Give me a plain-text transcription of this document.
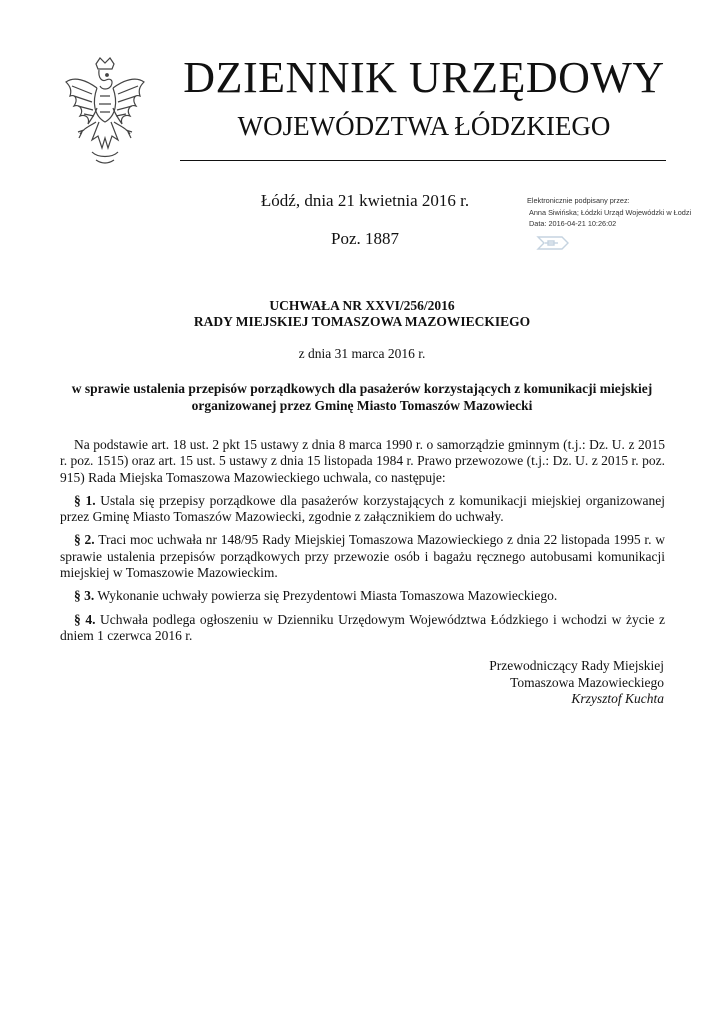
DZIENNIK URZĘDOWY
WOJEWÓDZTWA ŁÓDZKIEGO
Łódź, dnia 21 kwietnia 2016 r.
Poz. 1887
Elektronicznie podpisany przez:
Anna Siwińska; Łódzki Urząd Wojewódzki w Łodzi
Data: 2016-04-21 10:26:02
UCHWAŁA NR XXVI/256/2016
RADY MIEJSKIEJ TOMASZOWA MAZOWIECKIEGO
z dnia 31 marca 2016 r.
w sprawie ustalenia przepisów porządkowych dla pasażerów korzystających z komunikacji miejskiej organizowanej przez Gminę Miasto Tomaszów Mazowiecki

Na podstawie art. 18 ust. 2 pkt 15 ustawy z dnia 8 marca 1990 r. o samorządzie gminnym (t.j.: Dz. U. z 2015 r. poz. 1515) oraz art. 15 ust. 5 ustawy z dnia 15 listopada 1984 r. Prawo przewozowe (t.j.: Dz. U. z 2015 r. poz. 915) Rada Miejska Tomaszowa Mazowieckiego uchwala, co następuje:

§ 1. Ustala się przepisy porządkowe dla pasażerów korzystających z komunikacji miejskiej organizowanej przez Gminę Miasto Tomaszów Mazowiecki, zgodnie z załącznikiem do uchwały.

§ 2. Traci moc uchwała nr 148/95 Rady Miejskiej Tomaszowa Mazowieckiego z dnia 22 listopada 1995 r. w sprawie ustalenia przepisów porządkowych przy przewozie osób i bagażu ręcznego autobusami komunikacji miejskiej w Tomaszowie Mazowieckim.

§ 3. Wykonanie uchwały powierza się Prezydentowi Miasta Tomaszowa Mazowieckiego.

§ 4. Uchwała podlega ogłoszeniu w Dzienniku Urzędowym Województwa Łódzkiego i wchodzi w życie z dniem 1 czerwca 2016 r.

Przewodniczący Rady Miejskiej
Tomaszowa Mazowieckiego
Krzysztof Kuchta
